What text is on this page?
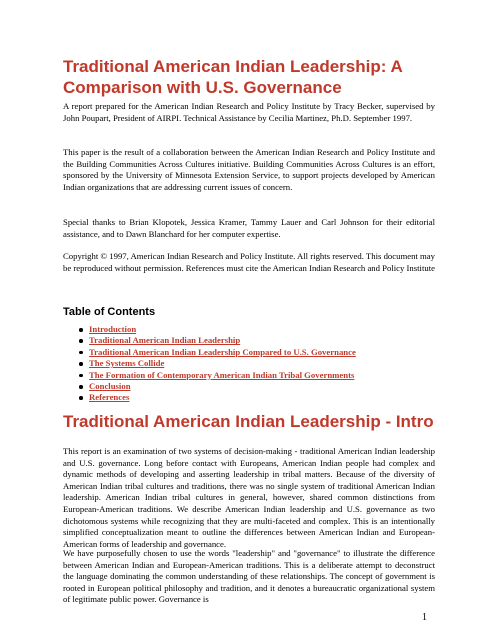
Traditional American Indian Leadership: A Comparison with U.S. Governance
A report prepared for the American Indian Research and Policy Institute by Tracy Becker, supervised by John Poupart, President of AIRPI. Technical Assistance by Cecilia Martinez, Ph.D. September 1997.
This paper is the result of a collaboration between the American Indian Research and Policy Institute and the Building Communities Across Cultures initiative. Building Communities Across Cultures is an effort, sponsored by the University of Minnesota Extension Service, to support projects developed by American Indian organizations that are addressing current issues of concern.
Special thanks to Brian Klopotek, Jessica Kramer, Tammy Lauer and Carl Johnson for their editorial assistance, and to Dawn Blanchard for her computer expertise.
Copyright © 1997, American Indian Research and Policy Institute. All rights reserved. This document may be reproduced without permission. References must cite the American Indian Research and Policy Institute
Table of Contents
Introduction
Traditional American Indian Leadership
Traditional American Indian Leadership Compared to U.S. Governance
The Systems Collide
The Formation of Contemporary American Indian Tribal Governments
Conclusion
References
Traditional American Indian Leadership - Intro
This report is an examination of two systems of decision-making - traditional American Indian leadership and U.S. governance. Long before contact with Europeans, American Indian people had complex and dynamic methods of developing and asserting leadership in tribal matters. Because of the diversity of American Indian tribal cultures and traditions, there was no single system of traditional American Indian leadership. American Indian tribal cultures in general, however, shared common distinctions from European-American traditions. We describe American Indian leadership and U.S. governance as two dichotomous systems while recognizing that they are multi-faceted and complex. This is an intentionally simplified conceptualization meant to outline the differences between American Indian and European-American forms of leadership and governance.
We have purposefully chosen to use the words "leadership" and "governance" to illustrate the difference between American Indian and European-American traditions. This is a deliberate attempt to deconstruct the language dominating the common understanding of these relationships. The concept of government is rooted in European political philosophy and tradition, and it denotes a bureaucratic organizational system of legitimate public power. Governance is
1
